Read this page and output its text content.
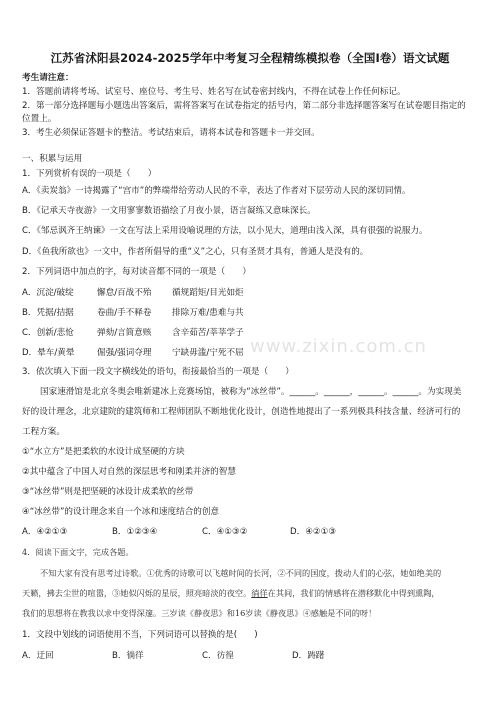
江苏省沭阳县2024-2025学年中考复习全程精练模拟卷（全国Ⅰ卷）语文试题
考生请注意：
1．答题前请将考场、试室号、座位号、考生号、姓名写在试卷密封线内，不得在试卷上作任何标记。
2．第一部分选择题每小题选出答案后，需将答案写在试卷指定的括号内，第二部分非选择题答案写在试卷题目指定的
位置上。
3．考生必须保证答题卡的整洁。考试结束后，请将本试卷和答题卡一并交回。
一、积累与运用
1．下列赏析有误的一项是（　　）
A．《卖炭翁》一诗揭露了“宫市”的弊端带给劳动人民的不幸，表达了作者对下层劳动人民的深切同情。
B．《记承天寺夜游》一文用寥寥数语描绘了月夜小景，语言凝练又意味深长。
C．《邹忌讽齐王纳谏》一文在写法上采用设喻说理的方法，以小见大，道理由浅入深，具有很强的说服力。
D．《鱼我所欲也》一文中，作者所倡导的重“义”之心，只有圣贤才具有，普通人是没有的。
2．下列词语中加点的字，每对读音都不同的一项是（　　）
A．沉淀/破绽	懈怠/百战不殆 循规蹈矩/目光如炬
B．凭据/拮据	卷曲/手不释卷 排除万难/患难与共
C．创新/悲怆	弹劾/言简意赅 含辛茹苦/莘莘学子
D．晕车/黄晕	倔强/强词夺理 宁缺毋滥/宁死不屈 www.zixin.com.cn
3．依次填入下面一段文字横线处的语句，衔接最恰当的一项是（　　）
国家速滑馆是北京冬奥会唯新建冰上竞赛场馆，被称为“冰丝带”。______。______，______。______。为实现美
好的设计理念，北京建院的建筑师和工程师团队不断地优化设计，创造性地提出了一系列极具科技含量、经济可行的
工程方案。
①“水立方”是把柔软的水设计成坚硬的方块
②其中蕴含了中国人对自然的深层思考和刚柔并济的智慧
③“冰丝带”则是把坚硬的冰设计成柔软的丝带
④“冰丝带”的设计理念来自一个冰和速度结合的创意
A．④②①③	B．①②③④	C．④①③②	D．④②①③
4．阅读下面文字，完成各题。
不知大家有没有思考过诗歌。①优秀的诗歌可以飞越时间的长河，②不同的国度，拨动人们的心弦，她如绝美的
天籁，拂去尘世的喧嚣，③她似闪烁的星辰，照亮暗淡的夜空。徜徉在其间，我们的情感将在潜移默化中得到熏陶，
我们的思想将在教我以求中变得深邃。三岁读《静夜思》和16岁读《静夜思》④感触是不同的呀！
1．文段中划线的词语使用不当，下列词语可以替换的是(　　)
A．迂回	B．徜徉	C．彷徨	D．踌躇
